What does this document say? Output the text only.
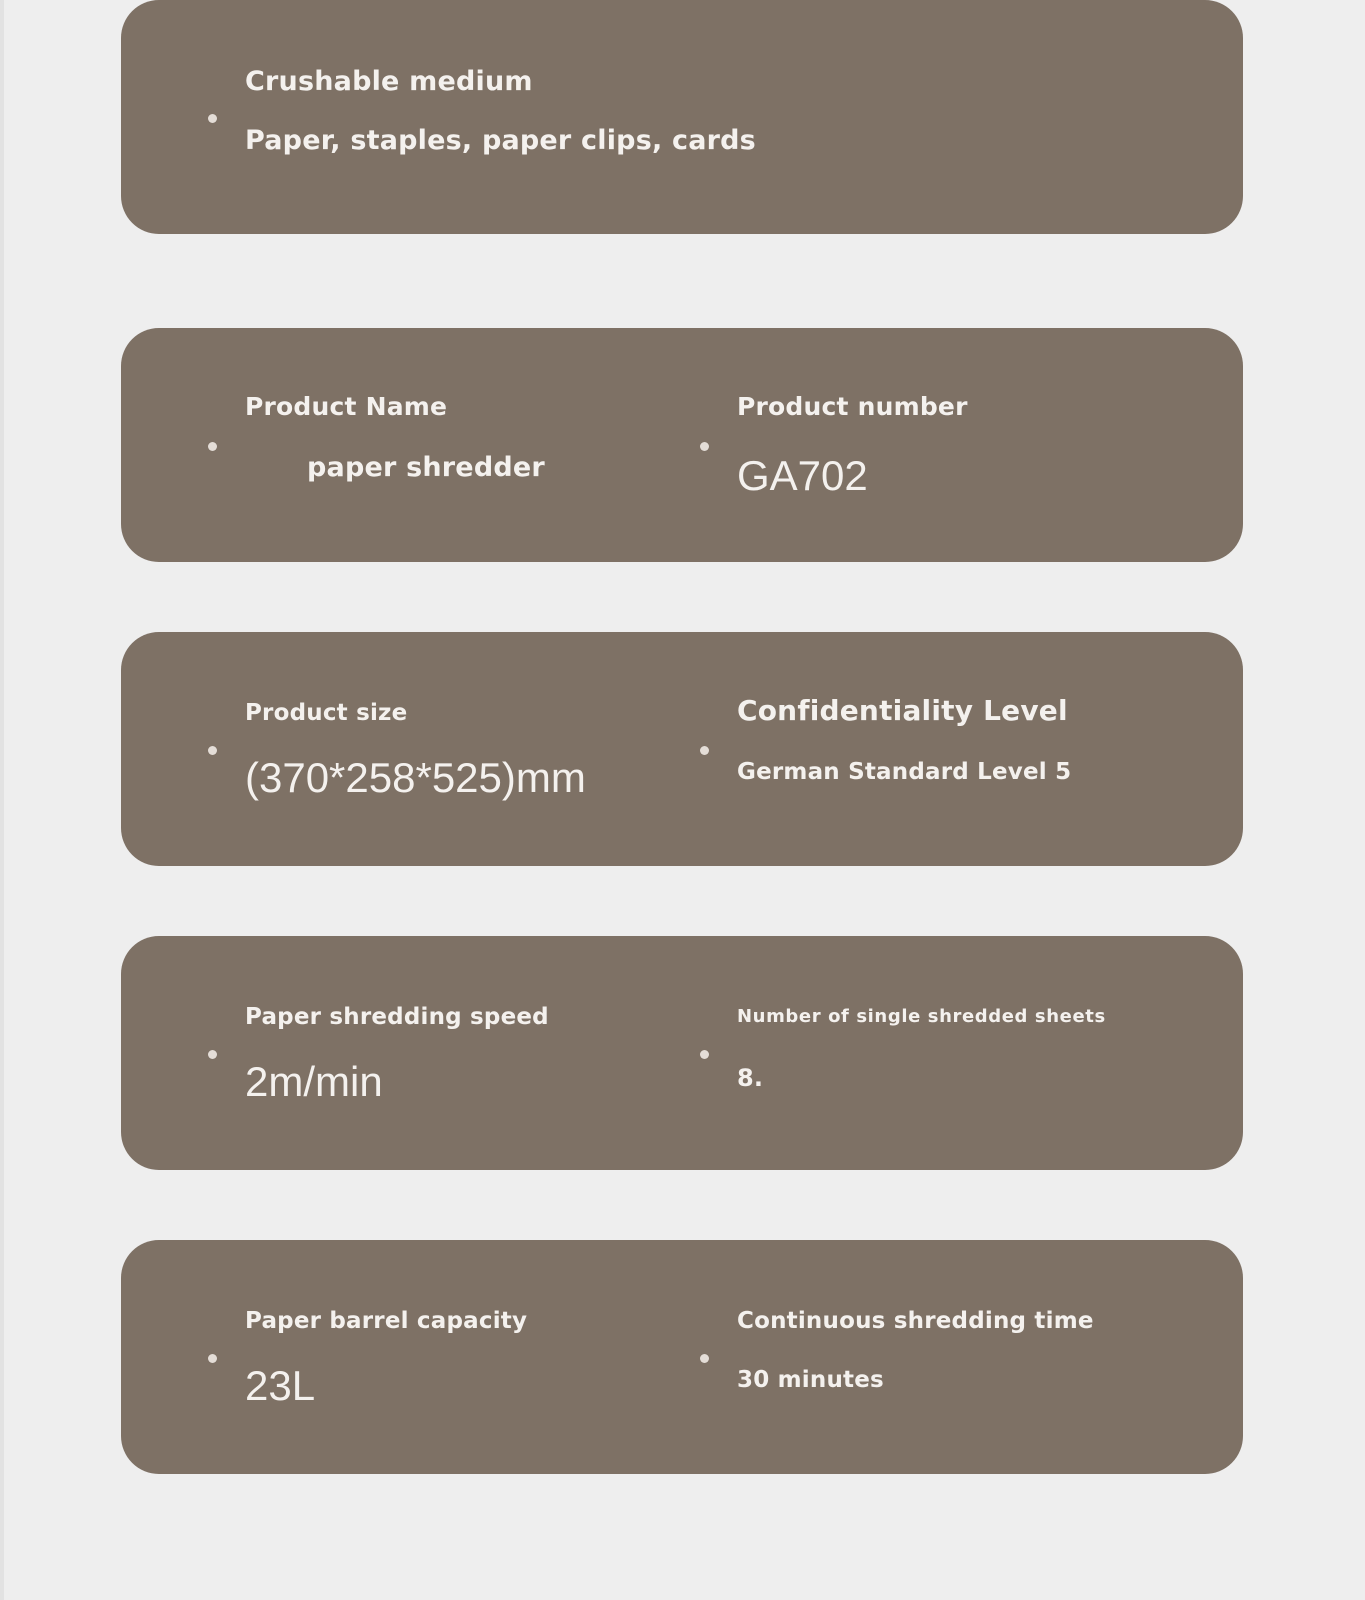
Product Name
paper shredder
Product number
GA702
Product size
(370*258*525)mm
Confidentiality Level
German Standard Level 5
Paper shredding speed
2m/min
Number of single shredded sheets
8.
Paper barrel capacity
23L
Continuous shredding time
30 minutes
Crushable medium
Paper, staples, paper clips, cards
